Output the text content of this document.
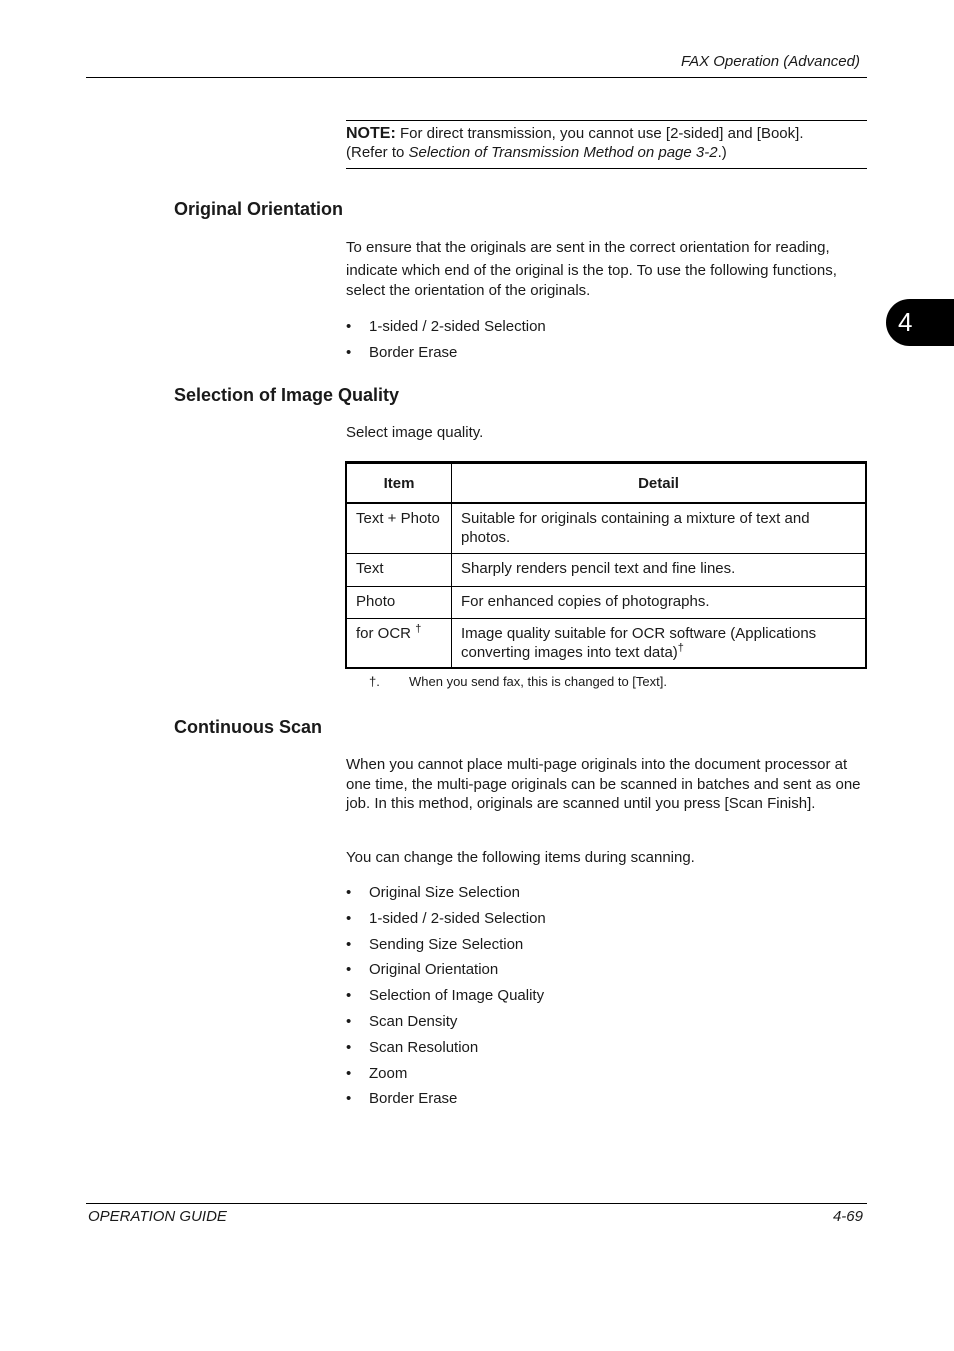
FAX Operation (Advanced)
4
NOTE: For direct transmission, you cannot use [2-sided] and [Book].
(Refer to Selection of Transmission Method on page 3-2.)
Original Orientation
To ensure that the originals are sent in the correct orientation for reading,
indicate which end of the original is the top. To use the following functions,
select the orientation of the originals.
• 1-sided / 2-sided Selection
• Border Erase
Selection of Image Quality

Select image quality.

Item	Detail
Text + Photo	Suitable for originals containing a mixture of text and photos.
Text	Sharply renders pencil text and fine lines.
Photo	For enhanced copies of photographs.
for OCR †	Image quality suitable for OCR software (Applications converting images into text data)†
†. When you send fax, this is changed to [Text].
Continuous Scan

When you cannot place multi-page originals into the document processor at one time, the multi-page originals can be scanned in batches and sent as one job. In this method, originals are scanned until you press [Scan Finish].

You can change the following items during scanning.

• Original Size Selection
• 1-sided / 2-sided Selection
• Sending Size Selection
• Original Orientation
• Selection of Image Quality
• Scan Density
• Scan Resolution
• Zoom
• Border Erase
OPERATION GUIDE	4-69
